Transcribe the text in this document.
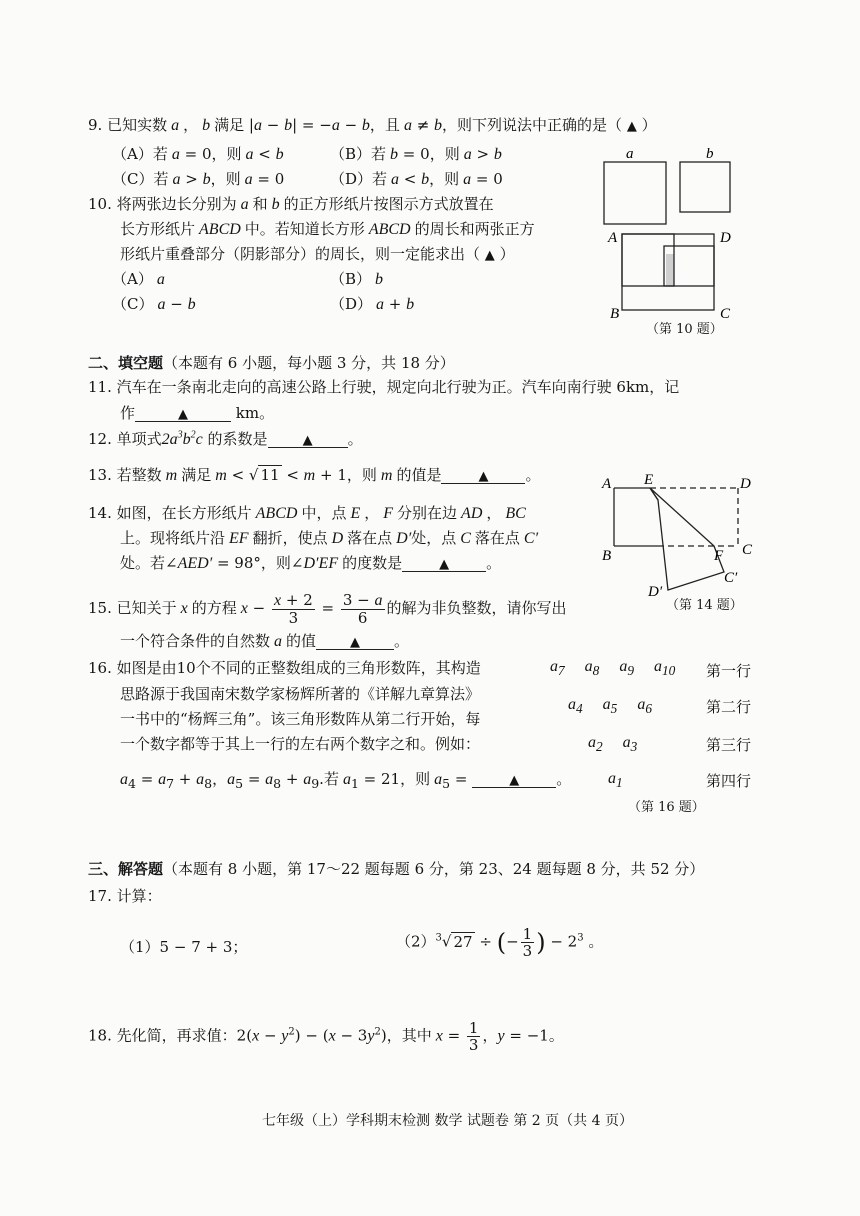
9. 已知实数 a ， b 满足 |a − b| = −a − b，且 a ≠ b，则下列说法中正确的是（ ▲ ）
（A）若 a = 0，则 a < b	（B）若 b = 0，则 a > b
（C）若 a > b，则 a = 0	（D）若 a < b，则 a = 0
10. 将两张边长分别为 a 和 b 的正方形纸片按图示方式放置在
长方形纸片 ABCD 中。若知道长方形 ABCD 的周长和两张正方
形纸片重叠部分（阴影部分）的周长，则一定能求出（ ▲ ）
（A） a	（B） b
（C） a − b	（D） a + b
a	b
A	D
B	C
（第 10 题）
二、填空题（本题有 6 小题，每小题 3 分，共 18 分）
11. 汽车在一条南北走向的高速公路上行驶，规定向北行驶为正。汽车向南行驶 6km，记
作	▲	km。
12. 单项式$2a^3b^2c$ 的系数是	▲ 。
13. 若整数 m 满足 m < √ 11 < m + 1，则 m 的值是	▲ 。
14. 如图，在长方形纸片 ABCD 中，点 E ， F 分别在边 AD ， BC
上。现将纸片沿 EF 翻折，使点 D 落在点 D′处，点 C 落在点 C′
处。若∠AED′ = 98°，则∠D′EF 的度数是	▲ 。
A E	D
B	F C
C′
D′
（第 14 题）
15. 已知关于 x 的方程 $x - \frac{x + 2}{3} = \frac{3 - a}{6}$ 的解为非负整数，请你写出
一个符合条件的自然数 a 的值	▲ 。
16. 如图是由10个不同的正整数组成的三角形数阵，其构造
思路源于我国南宋数学家杨辉所著的《详解九章算法》
一书中的“杨辉三角”。该三角形数阵从第二行开始，每
一个数字都等于其上一行的左右两个数字之和。例如：
$a_4 = a_7 + a_8$，$a_5 = a_8 + a_9$.若 $a_1 = 21$，则 $a_5$ =	▲ 。
$a_7$     $a_8$     $a_9$     $a_{10}$ 第一行
$a_4$     $a_5$     $a_6$	第二行
$a_2$     $a_3$	第三行
$a_1$	第四行
（第 16 题）
三、解答题（本题有 8 小题，第 17～22 题每题 6 分，第 23、24 题每题 8 分，共 52 分）
17. 计算：
（1）5 − 7 + 3；	$(2)^3√$ 27 ÷ (− $\frac{1}{3}$ ) − $2^3$ 。
18. 先化简，再求值：$2(x - y^2) - (x - 3y^2)$，其中 $x = \frac{1}{3}$ ，y = −1。
七年级（上）学科期末检测 数学 试题卷 第 2 页（共 4 页）
